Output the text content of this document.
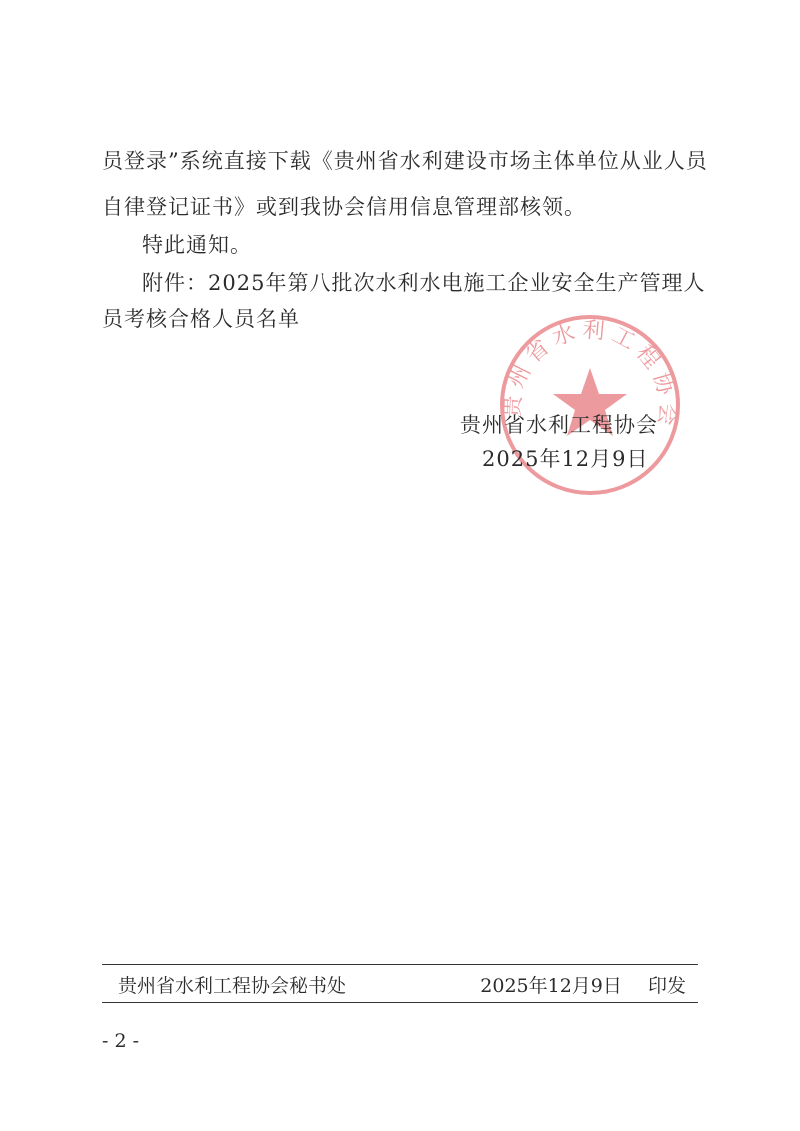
员登录”系统直接下载《贵州省水利建设市场主体单位从业人员
自律登记证书》或到我协会信用信息管理部核领。
特此通知。
附件：2025年第八批次水利水电施工企业安全生产管理人
员考核合格人员名单
贵州省水利工程协会
贵州省水利工程协会
2025年12月9日
贵州省水利工程协会秘书处	2025年12月9日 印发
- 2 -
